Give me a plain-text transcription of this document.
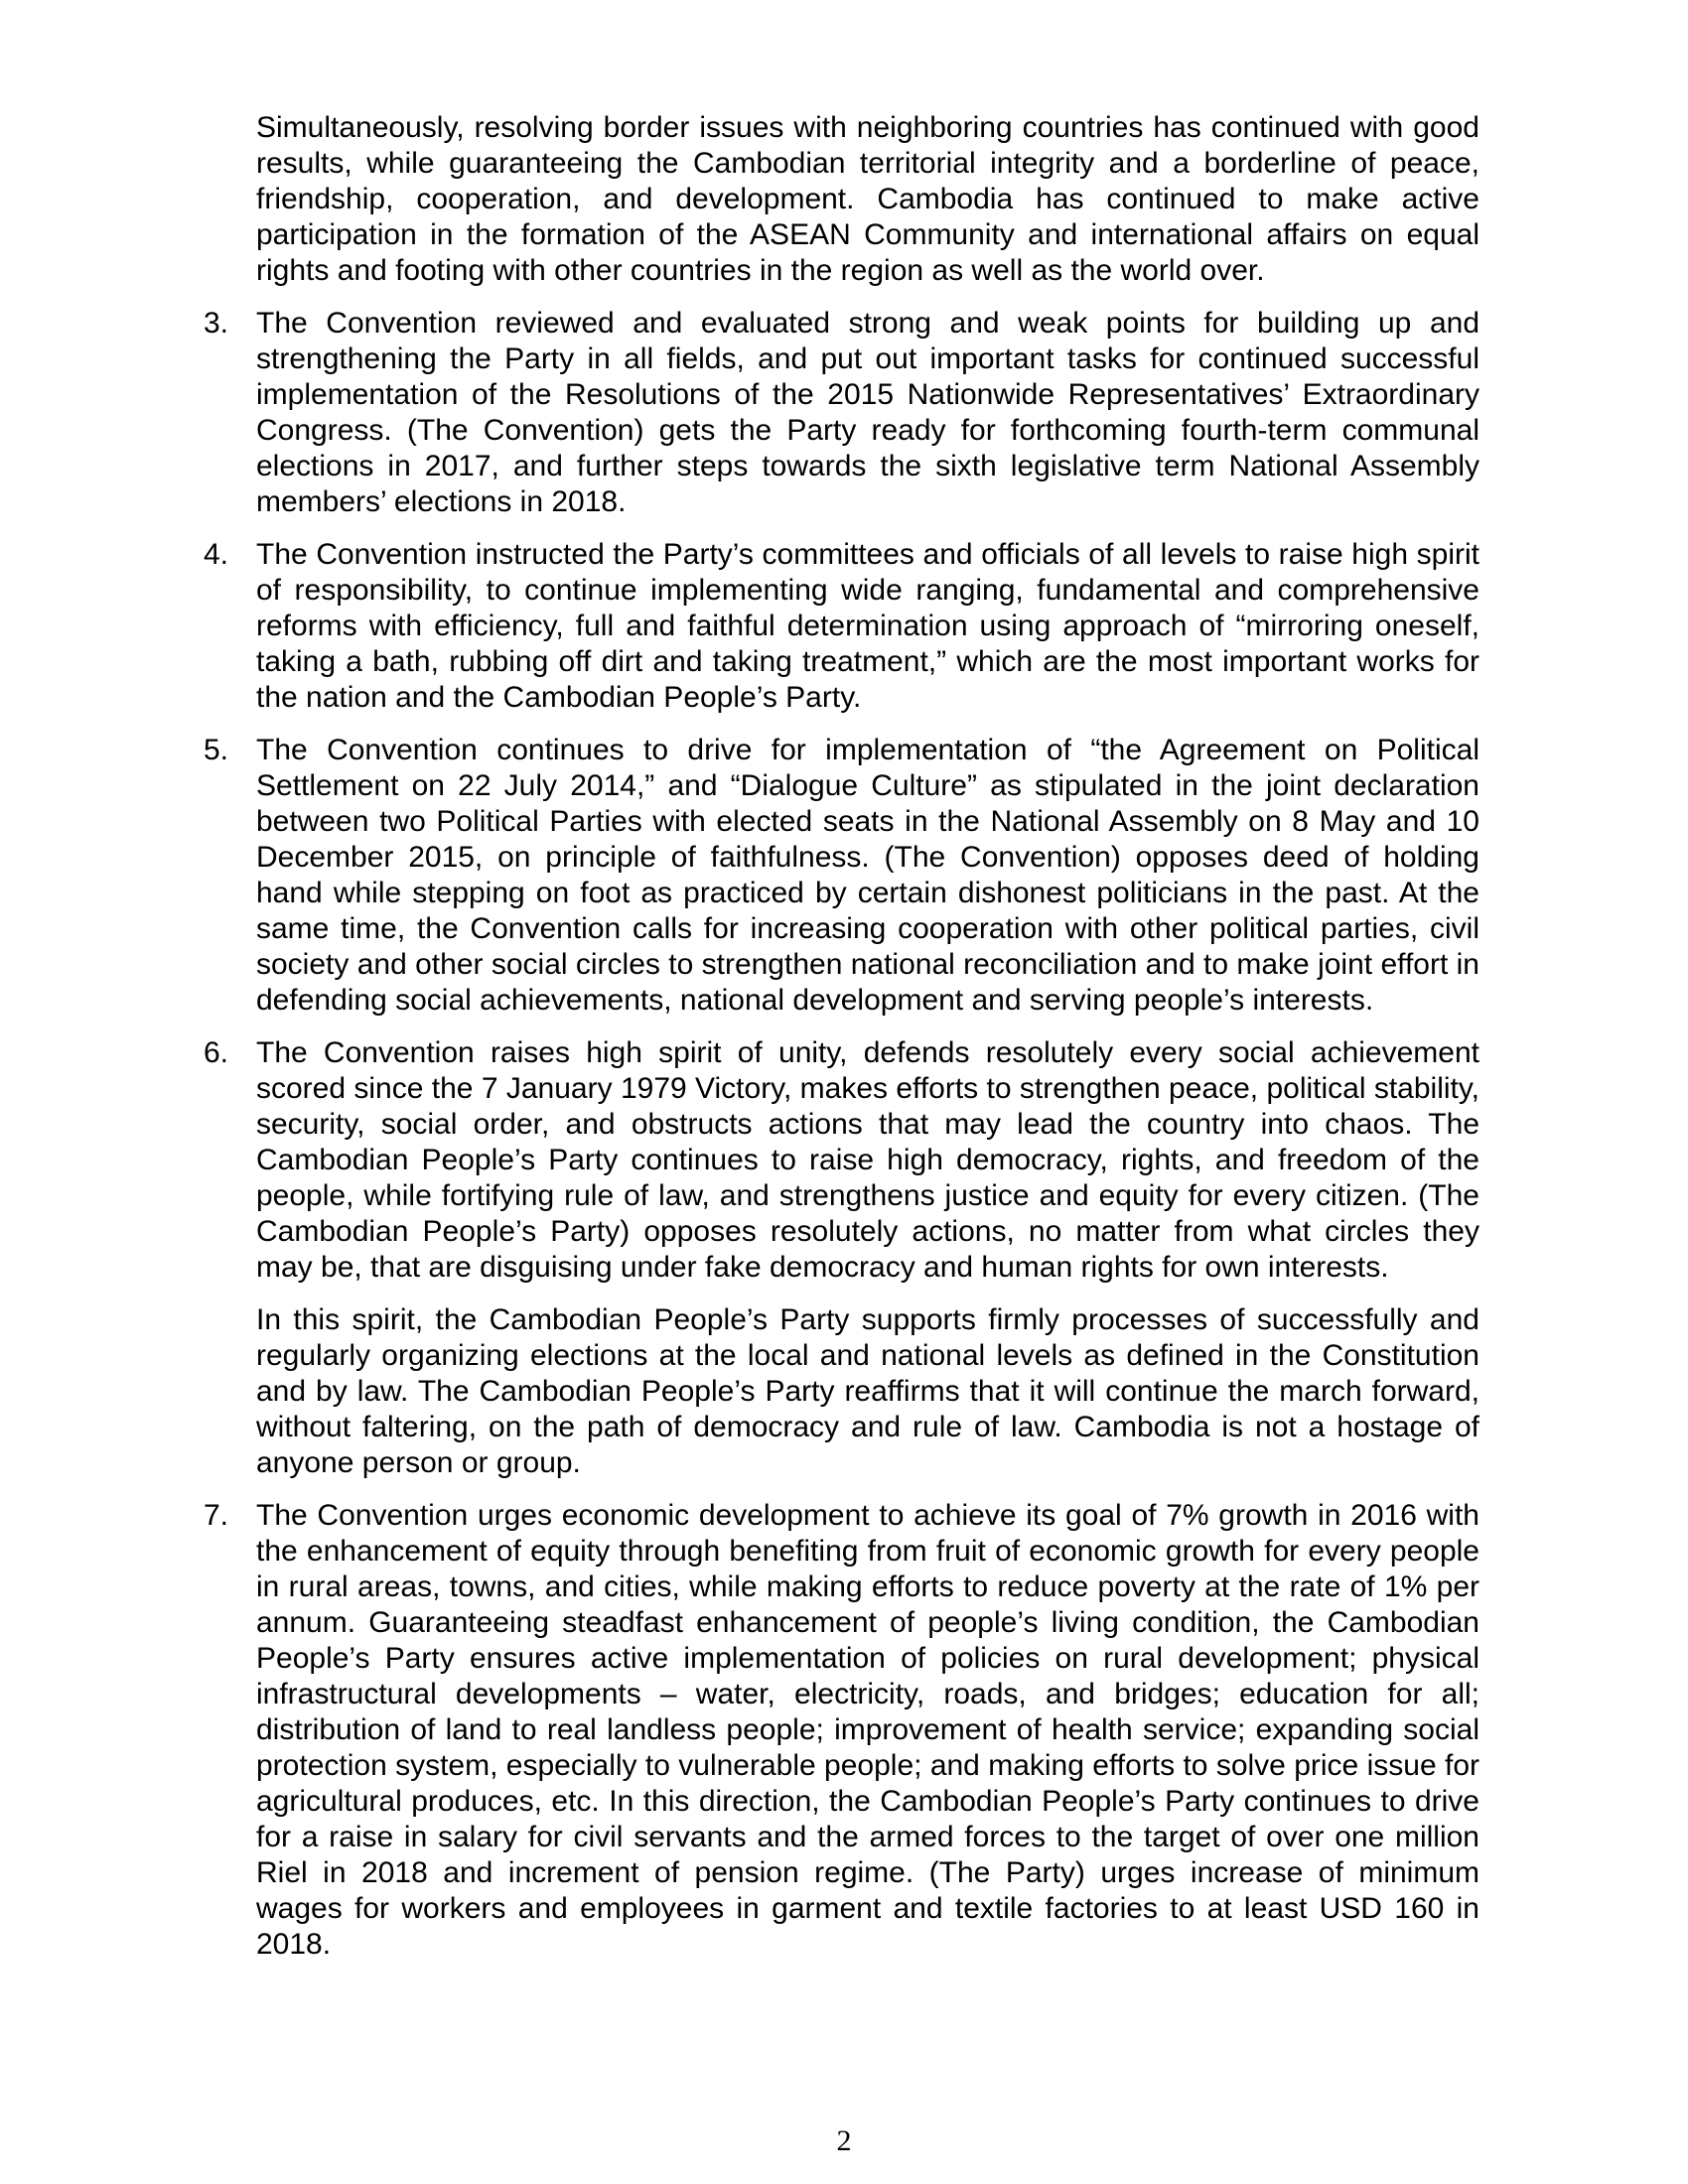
Simultaneously, resolving border issues with neighboring countries has continued with good results, while guaranteeing the Cambodian territorial integrity and a borderline of peace, friendship, cooperation, and development. Cambodia has continued to make active participation in the formation of the ASEAN Community and international affairs on equal rights and footing with other countries in the region as well as the world over.

3. The Convention reviewed and evaluated strong and weak points for building up and strengthening the Party in all fields, and put out important tasks for continued successful implementation of the Resolutions of the 2015 Nationwide Representatives’ Extraordinary Congress. (The Convention) gets the Party ready for forthcoming fourth-term communal elections in 2017, and further steps towards the sixth legislative term National Assembly members’ elections in 2018.

4. The Convention instructed the Party’s committees and officials of all levels to raise high spirit of responsibility, to continue implementing wide ranging, fundamental and comprehensive reforms with efficiency, full and faithful determination using approach of “mirroring oneself, taking a bath, rubbing off dirt and taking treatment,” which are the most important works for the nation and the Cambodian People’s Party.

5. The Convention continues to drive for implementation of “the Agreement on Political Settlement on 22 July 2014,” and “Dialogue Culture” as stipulated in the joint declaration between two Political Parties with elected seats in the National Assembly on 8 May and 10 December 2015, on principle of faithfulness. (The Convention) opposes deed of holding hand while stepping on foot as practiced by certain dishonest politicians in the past. At the same time, the Convention calls for increasing cooperation with other political parties, civil society and other social circles to strengthen national reconciliation and to make joint effort in defending social achievements, national development and serving people’s interests.

6. The Convention raises high spirit of unity, defends resolutely every social achievement scored since the 7 January 1979 Victory, makes efforts to strengthen peace, political stability, security, social order, and obstructs actions that may lead the country into chaos. The Cambodian People’s Party continues to raise high democracy, rights, and freedom of the people, while fortifying rule of law, and strengthens justice and equity for every citizen. (The Cambodian People’s Party) opposes resolutely actions, no matter from what circles they may be, that are disguising under fake democracy and human rights for own interests.

In this spirit, the Cambodian People’s Party supports firmly processes of successfully and regularly organizing elections at the local and national levels as defined in the Constitution and by law. The Cambodian People’s Party reaffirms that it will continue the march forward, without faltering, on the path of democracy and rule of law. Cambodia is not a hostage of anyone person or group.

7. The Convention urges economic development to achieve its goal of 7% growth in 2016 with the enhancement of equity through benefiting from fruit of economic growth for every people in rural areas, towns, and cities, while making efforts to reduce poverty at the rate of 1% per annum. Guaranteeing steadfast enhancement of people’s living condition, the Cambodian People’s Party ensures active implementation of policies on rural development; physical infrastructural developments – water, electricity, roads, and bridges; education for all; distribution of land to real landless people; improvement of health service; expanding social protection system, especially to vulnerable people; and making efforts to solve price issue for agricultural produces, etc. In this direction, the Cambodian People’s Party continues to drive for a raise in salary for civil servants and the armed forces to the target of over one million Riel in 2018 and increment of pension regime. (The Party) urges increase of minimum wages for workers and employees in garment and textile factories to at least USD 160 in 2018.

2
